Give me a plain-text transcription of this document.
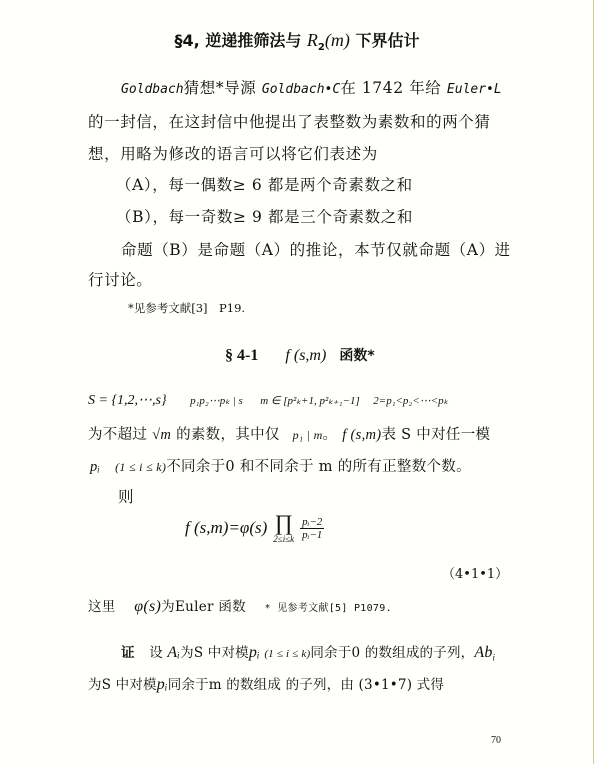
§4, 逆递推筛法与 $R_2(m)$ 下界估计
Goldbach猜想*导源 Goldbach•C在 1742 年给 Euler•L
的一封信，在这封信中他提出了表整数为素数和的两个猜
想，用略为修改的语言可以将它们表述为
（A），每一偶数≥ 6 都是两个奇素数之和
（B），每一奇数≥ 9 都是三个奇素数之和
命题（B）是命题（A）的推论，本节仅就命题（A）进
行讨论。
*见参考文献[3]　P19.
§ 4-1 f (s,m) 函数*
S = {1,2,⋯,s} p₁p₂⋯pₖ | s m ∈ [p²ₖ+1, p²ₖ₊₁−1] 2=p₁<p₂<⋯<pₖ
为不超过 √m 的素数，其中仅 p₁ | m。 f (s,m)表 S 中对任一模
pᵢ (1 ≤ i ≤ k)不同余于0 和不同余于 m 的所有正整数个数。
则
f (s,m)=φ(s) ∏
$2\le i\le k \frac{\text{pᵢ−2}}{\text{pᵢ−1}}$
（4•1•1）
这里 φ(s)为Euler 函数 * 见参考文献[5] P1079.
证 设 Aᵢ为S 中对模pᵢ (1 ≤ i ≤ k)同余于0 的数组成的子列，$Ab_i$
为S 中对模pᵢ同余于m 的数组成 的子列，由 (3•1•7) 式得
70
